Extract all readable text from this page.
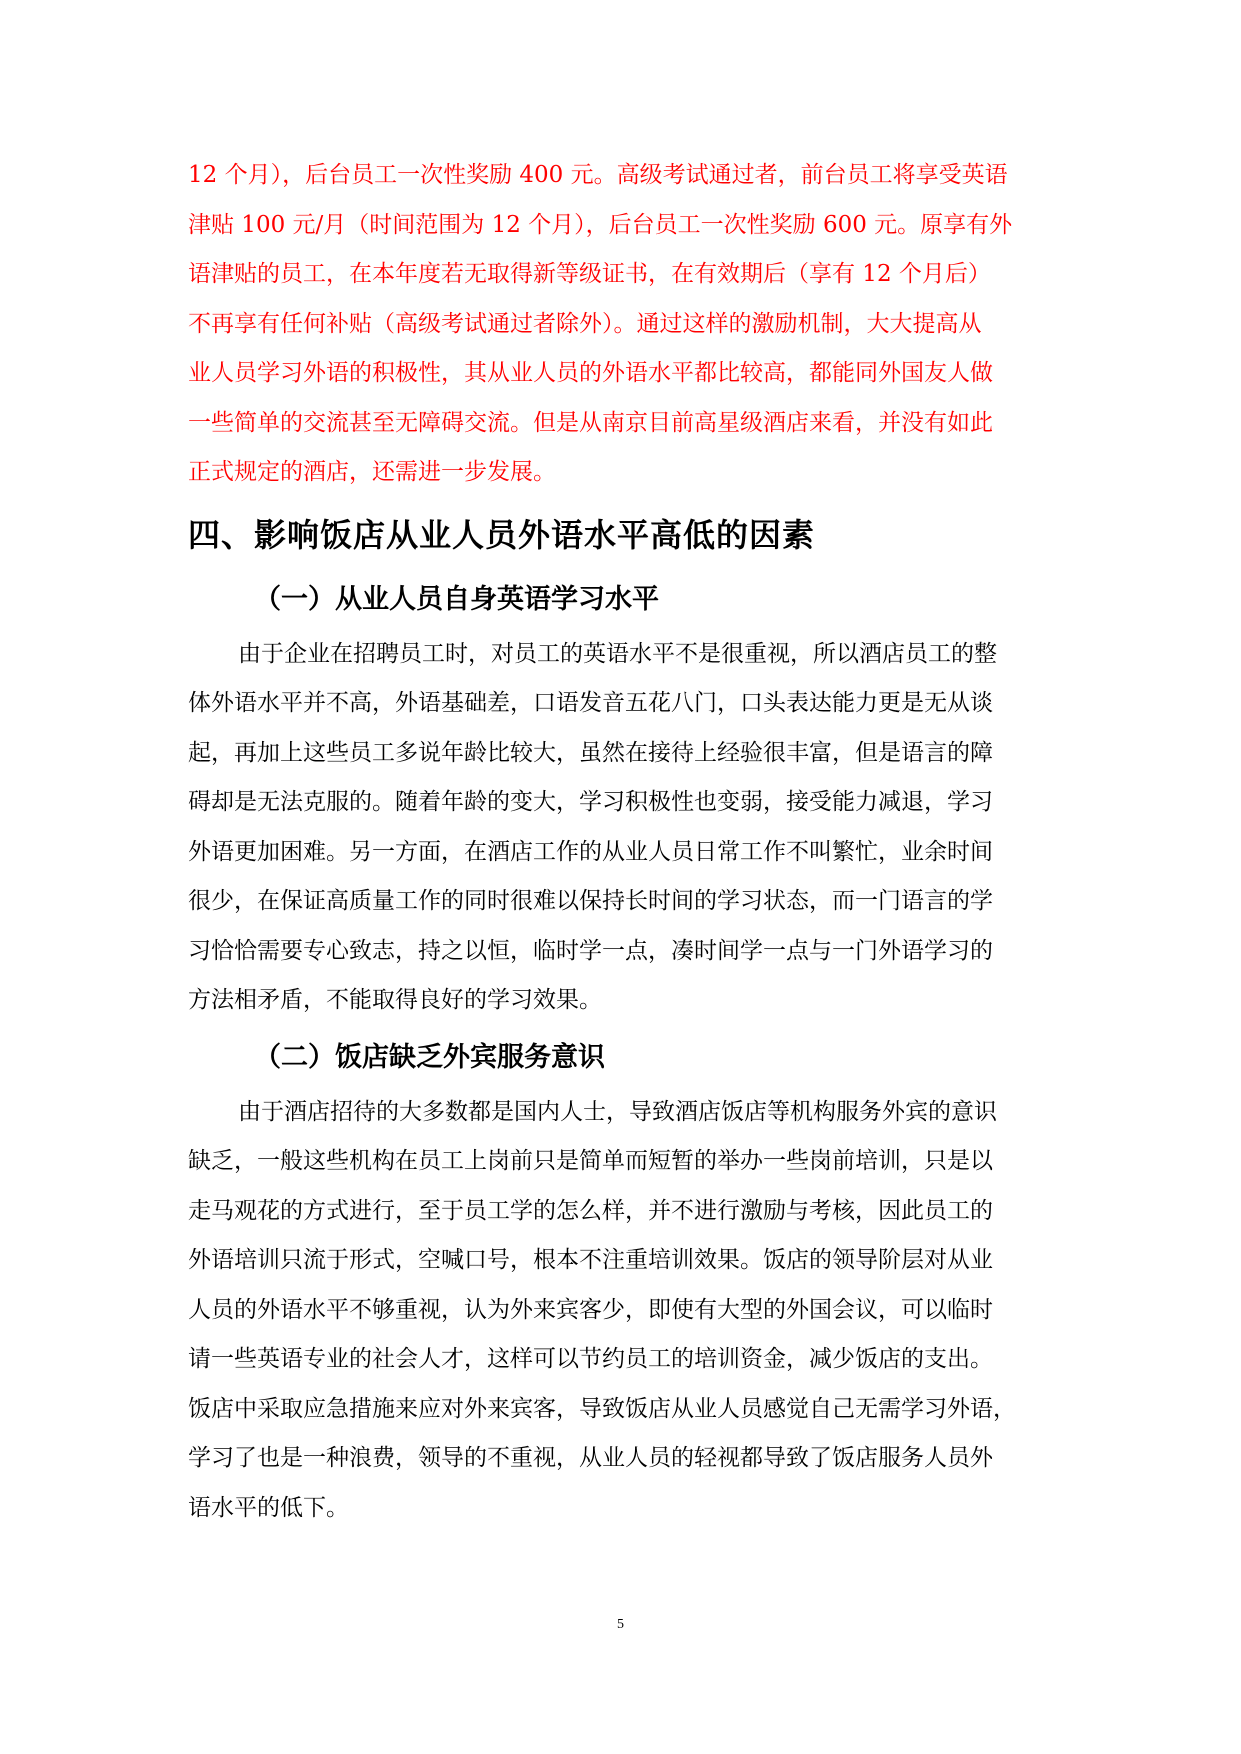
12 个月），后台员工一次性奖励 400 元。高级考试通过者，前台员工将享受英语
津贴 100 元/月（时间范围为 12 个月），后台员工一次性奖励 600 元。原享有外
语津贴的员工，在本年度若无取得新等级证书，在有效期后（享有 12 个月后）
不再享有任何补贴（高级考试通过者除外）。通过这样的激励机制，大大提高从
业人员学习外语的积极性，其从业人员的外语水平都比较高，都能同外国友人做
一些简单的交流甚至无障碍交流。但是从南京目前高星级酒店来看，并没有如此
正式规定的酒店，还需进一步发展。
四、影响饭店从业人员外语水平高低的因素
（一）从业人员自身英语学习水平
由于企业在招聘员工时，对员工的英语水平不是很重视，所以酒店员工的整
体外语水平并不高，外语基础差，口语发音五花八门，口头表达能力更是无从谈
起，再加上这些员工多说年龄比较大，虽然在接待上经验很丰富，但是语言的障
碍却是无法克服的。随着年龄的变大，学习积极性也变弱，接受能力减退，学习
外语更加困难。另一方面，在酒店工作的从业人员日常工作不叫繁忙，业余时间
很少，在保证高质量工作的同时很难以保持长时间的学习状态，而一门语言的学
习恰恰需要专心致志，持之以恒，临时学一点，凑时间学一点与一门外语学习的
方法相矛盾，不能取得良好的学习效果。
（二）饭店缺乏外宾服务意识
由于酒店招待的大多数都是国内人士，导致酒店饭店等机构服务外宾的意识
缺乏，一般这些机构在员工上岗前只是简单而短暂的举办一些岗前培训，只是以
走马观花的方式进行，至于员工学的怎么样，并不进行激励与考核，因此员工的
外语培训只流于形式，空喊口号，根本不注重培训效果。饭店的领导阶层对从业
人员的外语水平不够重视，认为外来宾客少，即使有大型的外国会议，可以临时
请一些英语专业的社会人才，这样可以节约员工的培训资金，减少饭店的支出。
饭店中采取应急措施来应对外来宾客，导致饭店从业人员感觉自己无需学习外语，
学习了也是一种浪费，领导的不重视，从业人员的轻视都导致了饭店服务人员外
语水平的低下。
5
